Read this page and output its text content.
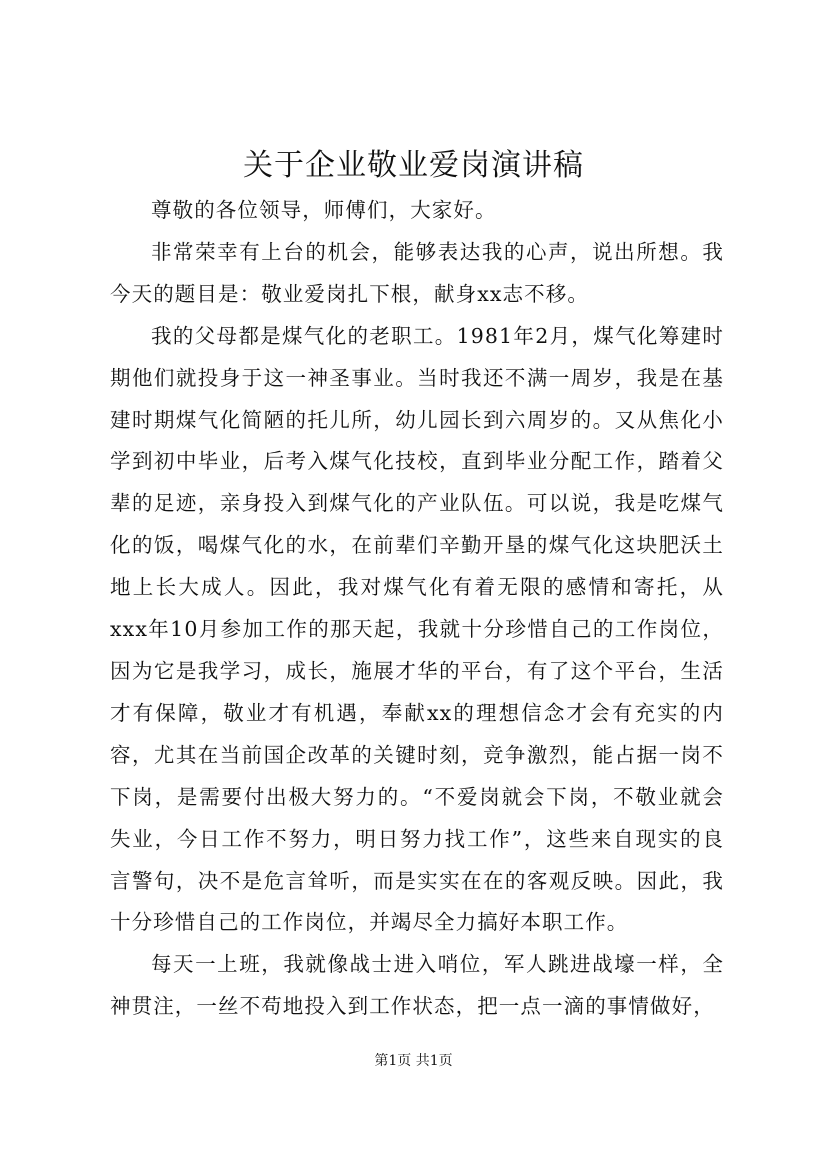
关于企业敬业爱岗演讲稿

尊敬的各位领导，师傅们，大家好。

非常荣幸有上台的机会，能够表达我的心声，说出所想。我今天的题目是：敬业爱岗扎下根，献身xx志不移。

我的父母都是煤气化的老职工。1981年2月，煤气化筹建时期他们就投身于这一神圣事业。当时我还不满一周岁，我是在基建时期煤气化简陋的托儿所，幼儿园长到六周岁的。又从焦化小学到初中毕业，后考入煤气化技校，直到毕业分配工作，踏着父辈的足迹，亲身投入到煤气化的产业队伍。可以说，我是吃煤气化的饭，喝煤气化的水，在前辈们辛勤开垦的煤气化这块肥沃土地上长大成人。因此，我对煤气化有着无限的感情和寄托，从xxx年10月参加工作的那天起，我就十分珍惜自己的工作岗位，因为它是我学习，成长，施展才华的平台，有了这个平台，生活才有保障，敬业才有机遇，奉献xx的理想信念才会有充实的内容，尤其在当前国企改革的关键时刻，竞争激烈，能占据一岗不下岗，是需要付出极大努力的。“不爱岗就会下岗，不敬业就会失业，今日工作不努力，明日努力找工作”，这些来自现实的良言警句，决不是危言耸听，而是实实在在的客观反映。因此，我十分珍惜自己的工作岗位，并竭尽全力搞好本职工作。

每天一上班，我就像战士进入哨位，军人跳进战壕一样，全神贯注，一丝不苟地投入到工作状态，把一点一滴的事情做好，

第1页 共1页
